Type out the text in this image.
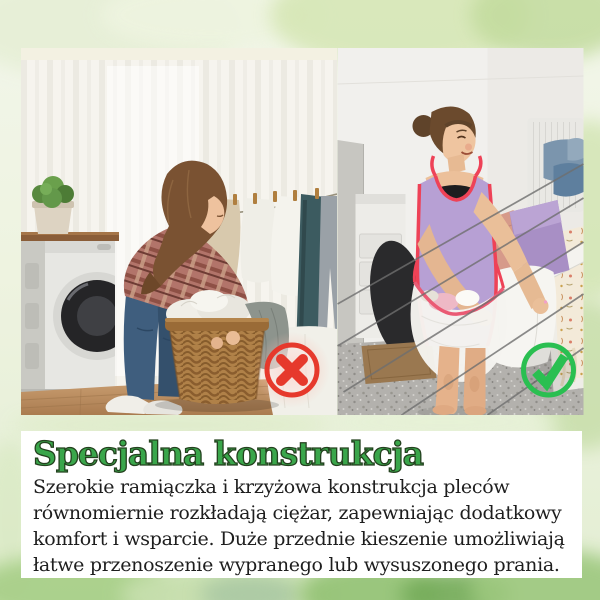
Specjalna konstrukcja

Szerokie ramiączka i krzyżowa konstrukcja pleców

równomiernie rozkładają ciężar, zapewniając dodatkowy

komfort i wsparcie. Duże przednie kieszenie umożliwiają

łatwe przenoszenie wypranego lub wysuszonego prania.
